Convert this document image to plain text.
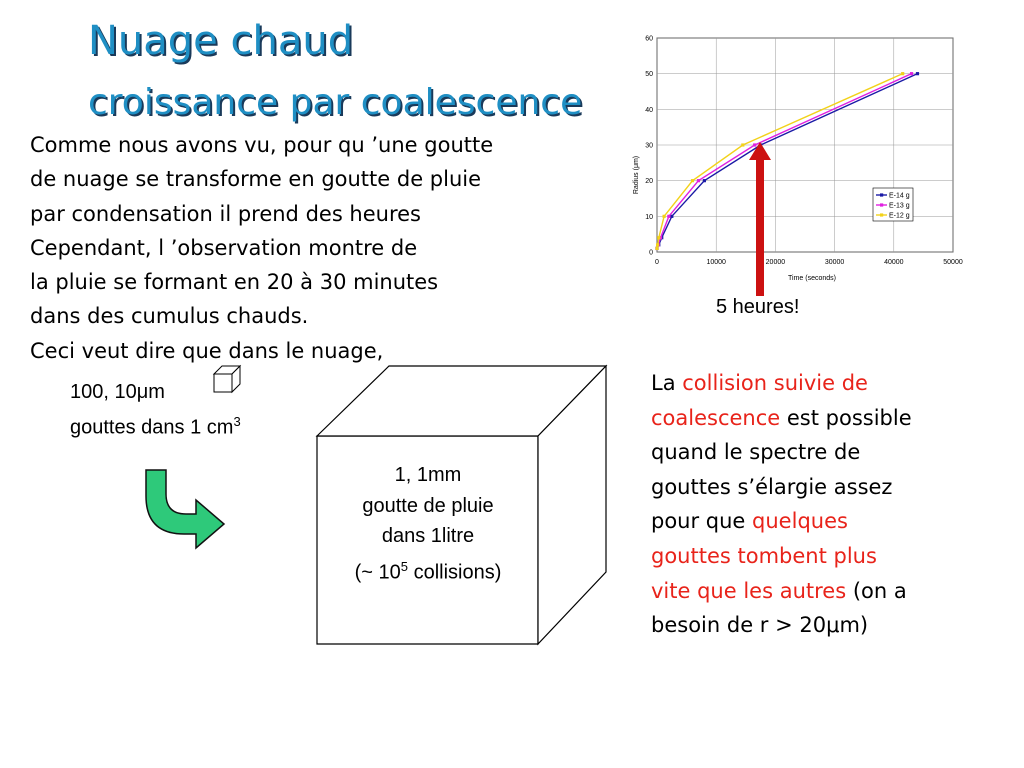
Nuage chaud
croissance par coalescence
Comme nous avons vu, pour qu ’une goutte
de nuage se transforme en goutte de pluie
par condensation il prend des heures
Cependant, l ’observation montre de
la pluie se formant en 20 à 30 minutes
dans des cumulus chauds.
Ceci veut dire que dans le nuage,
100, 10μm
gouttes dans 1 $cm^3$
1, 1mm
goutte de pluie
dans 1litre
(~ $10^5$ collisions)
0
10
20
30
40
50
60
0	10000	20000	30000	40000	50000
Time (seconds)
Radius (μm)
E-14 g
E-13 g
E-12 g
5 heures!
La collision suivie de
coalescence est possible
quand le spectre de
gouttes s’élargie assez
pour que quelques
gouttes tombent plus
vite que les autres (on a
besoin de r > 20μm)
